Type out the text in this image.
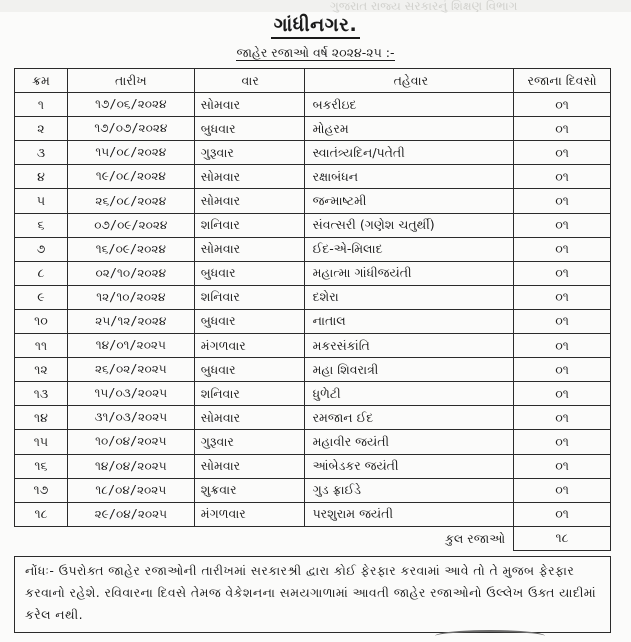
ગુજરાત રાજ્ય સરકારનું શિક્ષણ વિભાગ
ગાંધીનગર.
જાહેર રજાઓ વર્ષ ૨૦૨૪-૨૫ :-
ક્રમ	તારીખ	વાર	તહેવાર	રજાના દિવસો
૧	૧૭/૦૬/૨૦૨૪	સોમવાર	બકરીઇદ	૦૧
૨	૧૭/૦૭/૨૦૨૪	બુધવાર	મોહરમ	૦૧
૩	૧૫/૦૮/૨૦૨૪	ગુરૂવાર	સ્વાતંત્ર્યદિન/પતેતી	૦૧
૪	૧૯/૦૮/૨૦૨૪	સોમવાર	રક્ષાબંધન	૦૧
૫	૨૬/૦૮/૨૦૨૪	સોમવાર	જન્માષ્ટમી	૦૧
૬	૦૭/૦૯/૨૦૨૪	શનિવાર	સંવત્સરી (ગણેશ ચતુર્થી)	૦૧
૭	૧૬/૦૯/૨૦૨૪	સોમવાર	ઈદ-એ-મિલાદ	૦૧
૮	૦૨/૧૦/૨૦૨૪	બુધવાર	મહાત્મા ગાંધીજયંતી	૦૧
૯	૧૨/૧૦/૨૦૨૪	શનિવાર	દશેરા	૦૧
૧૦	૨૫/૧૨/૨૦૨૪	બુધવાર	નાતાલ	૦૧
૧૧	૧૪/૦૧/૨૦૨૫	મંગળવાર	મકરસંકાંતિ	૦૧
૧૨	૨૬/૦૨/૨૦૨૫	બુધવાર	મહા શિવરાત્રી	૦૧
૧૩	૧૫/૦૩/૨૦૨૫	શનિવાર	ધુળેટી	૦૧
૧૪	૩૧/૦૩/૨૦૨૫	સોમવાર	રમજાન ઈદ	૦૧
૧૫	૧૦/૦૪/૨૦૨૫	ગુરૂવાર	મહાવીર જયંતી	૦૧
૧૬	૧૪/૦૪/૨૦૨૫	સોમવાર	આંબેડકર જયંતી	૦૧
૧૭	૧૮/૦૪/૨૦૨૫	શુક્રવાર	ગુડ ફ્રાઈડે	૦૧
૧૮	૨૯/૦૪/૨૦૨૫	મંગળવાર	પરશુરામ જયંતી	૦૧
કુલ રજાઓ				૧૮
નોંધઃ- ઉપરોક્ત જાહેર રજાઓની તારીખમાં સરકારશ્રી દ્વારા કોઈ ફેરફાર કરવામાં આવે તો તે મુજબ ફેરફાર કરવાનો રહેશે. રવિવારના દિવસે તેમજ વેકેશનના સમયગાળામાં આવતી જાહેર રજાઓનો ઉલ્લેખ ઉક્ત યાદીમાં કરેલ નથી.
